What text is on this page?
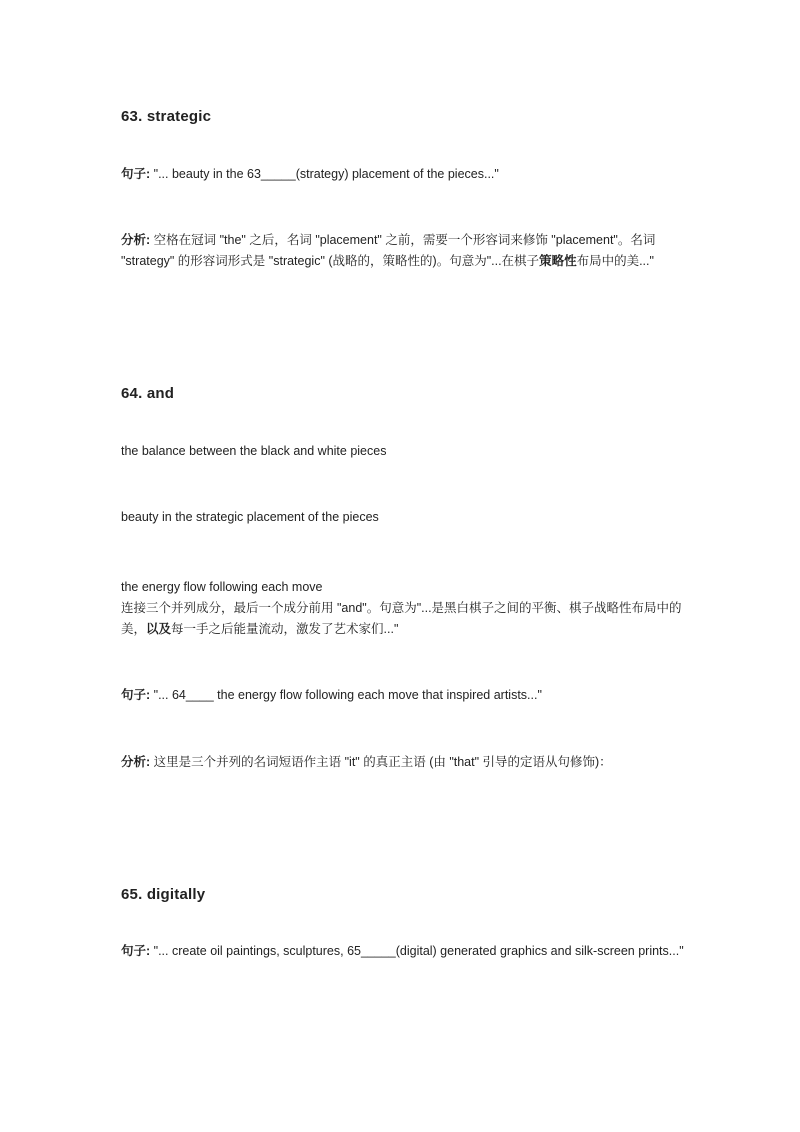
63. strategic
句子: "... beauty in the 63_____(strategy) placement of the pieces..."
分析: 空格在冠词 "the" 之后，名词 "placement" 之前，需要一个形容词来修饰 "placement"。名词 "strategy" 的形容词形式是 "strategic" (战略的，策略性的)。句意为"...在棋子策略性布局中的美..."
64. and
the balance between the black and white pieces
beauty in the strategic placement of the pieces
the energy flow following each move
连接三个并列成分，最后一个成分前用 "and"。句意为"...是黑白棋子之间的平衡、棋子战略性布局中的美，以及每一手之后能量流动，激发了艺术家们..."
句子: "... 64____ the energy flow following each move that inspired artists..."
分析: 这里是三个并列的名词短语作主语 "it" 的真正主语 (由 "that" 引导的定语从句修饰)：
65. digitally
句子: "... create oil paintings, sculptures, 65_____(digital) generated graphics and silk-screen prints..."
